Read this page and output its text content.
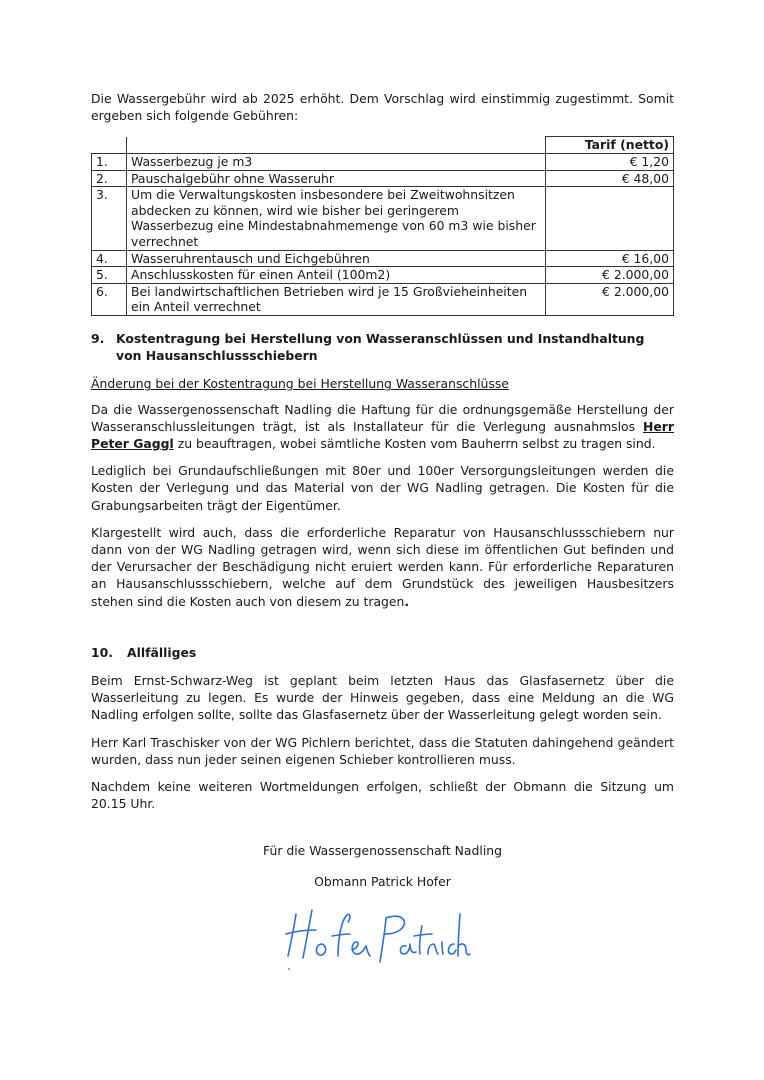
Die Wassergebühr wird ab 2025 erhöht. Dem Vorschlag wird einstimmig zugestimmt. Somit ergeben sich folgende Gebühren:

		Tarif (netto)
1.	Wasserbezug je m3	€ 1,20
2.	Pauschalgebühr ohne Wasseruhr	€ 48,00
3.	Um die Verwaltungskosten insbesondere bei Zweitwohnsitzen abdecken zu können, wird wie bisher bei geringerem Wasserbezug eine Mindestabnahmemenge von 60 m3 wie bisher verrechnet	
4.	Wasseruhrentausch und Eichgebühren	€ 16,00
5.	Anschlusskosten für einen Anteil (100m2)	€ 2.000,00
6.	Bei landwirtschaftlichen Betrieben wird je 15 Großvieheinheiten ein Anteil verrechnet	€ 2.000,00
9. Kostentragung bei Herstellung von Wasseranschlüssen und Instandhaltung von Hausanschlussschiebern

Änderung bei der Kostentragung bei Herstellung Wasseranschlüsse

Da die Wassergenossenschaft Nadling die Haftung für die ordnungsgemäße Herstellung der Wasseranschlussleitungen trägt, ist als Installateur für die Verlegung ausnahmslos Herr Peter Gaggl zu beauftragen, wobei sämtliche Kosten vom Bauherrn selbst zu tragen sind.

Lediglich bei Grundaufschließungen mit 80er und 100er Versorgungsleitungen werden die Kosten der Verlegung und das Material von der WG Nadling getragen. Die Kosten für die Grabungsarbeiten trägt der Eigentümer.

Klargestellt wird auch, dass die erforderliche Reparatur von Hausanschlussschiebern nur dann von der WG Nadling getragen wird, wenn sich diese im öffentlichen Gut befinden und der Verursacher der Beschädigung nicht eruiert werden kann. Für erforderliche Reparaturen an Hausanschlussschiebern, welche auf dem Grundstück des jeweiligen Hausbesitzers stehen sind die Kosten auch von diesem zu tragen.

10.	Allfälliges

Beim Ernst-Schwarz-Weg ist geplant beim letzten Haus das Glasfasernetz über die Wasserleitung zu legen. Es wurde der Hinweis gegeben, dass eine Meldung an die WG Nadling erfolgen sollte, sollte das Glasfasernetz über der Wasserleitung gelegt worden sein.

Herr Karl Traschisker von der WG Pichlern berichtet, dass die Statuten dahingehend geändert wurden, dass nun jeder seinen eigenen Schieber kontrollieren muss.

Nachdem keine weiteren Wortmeldungen erfolgen, schließt der Obmann die Sitzung um 20.15 Uhr.

Für die Wassergenossenschaft Nadling
Obmann Patrick Hofer
